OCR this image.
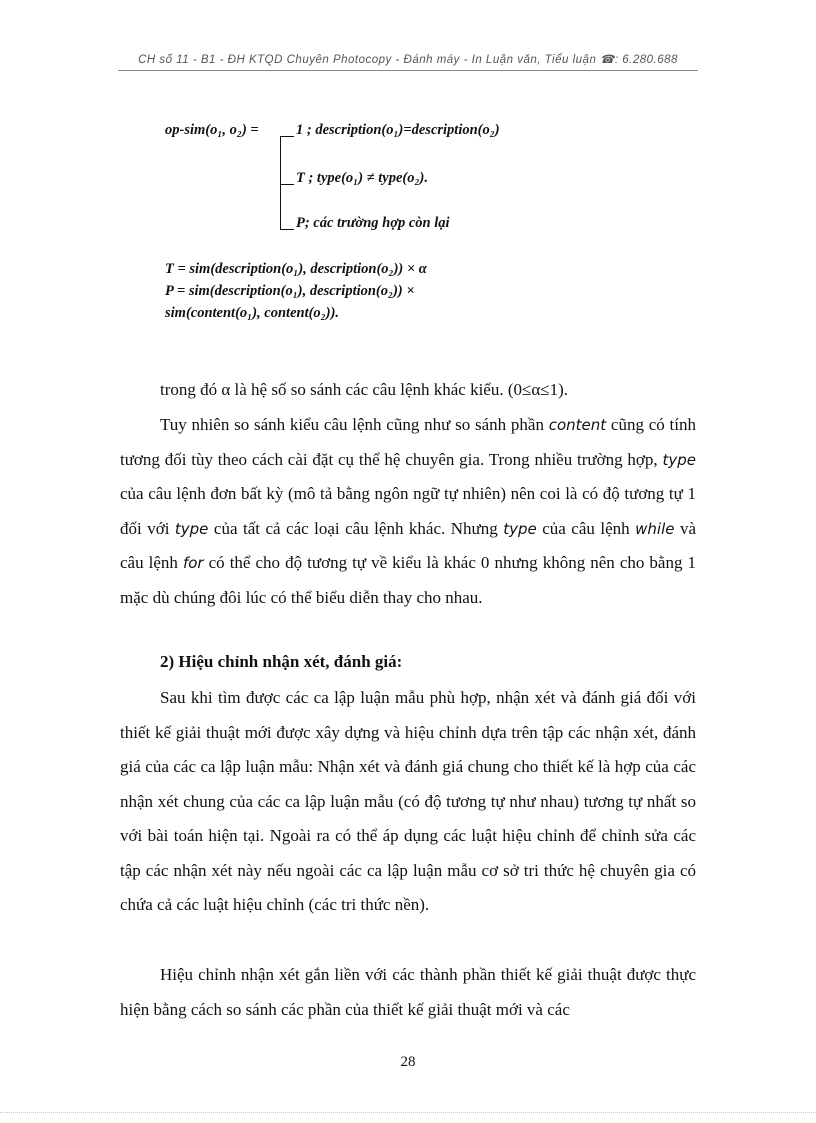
CH số 11 - B1 - ĐH KTQD Chuyên Photocopy - Đánh máy - In Luận văn, Tiểu luận ☎: 6.280.688
op-sim(o₁, o₂) =	1 ; description(o₁)=description(o₂)
T ; type(o₁) ≠ type(o₂).
P; các trường hợp còn lại
T = sim(description(o₁), description(o₂)) × α
P = sim(description(o₁), description(o₂)) ×
sim(content(o₁), content(o₂)).
trong đó α là hệ số so sánh các câu lệnh khác kiểu. (0≤α≤1).
Tuy nhiên so sánh kiểu câu lệnh cũng như so sánh phần content cũng có tính tương đối tùy theo cách cài đặt cụ thể hệ chuyên gia. Trong nhiều trường hợp, type của câu lệnh đơn bất kỳ (mô tả bằng ngôn ngữ tự nhiên) nên coi là có độ tương tự 1 đối với type của tất cả các loại câu lệnh khác. Nhưng type của câu lệnh while và câu lệnh for có thể cho độ tương tự về kiểu là khác 0 nhưng không nên cho bằng 1 mặc dù chúng đôi lúc có thể biểu diễn thay cho nhau.
2) Hiệu chỉnh nhận xét, đánh giá:
Sau khi tìm được các ca lập luận mẫu phù hợp, nhận xét và đánh giá đối với thiết kế giải thuật mới được xây dựng và hiệu chỉnh dựa trên tập các nhận xét, đánh giá của các ca lập luận mẫu: Nhận xét và đánh giá chung cho thiết kế là hợp của các nhận xét chung của các ca lập luận mẫu (có độ tương tự như nhau) tương tự nhất so với bài toán hiện tại. Ngoài ra có thể áp dụng các luật hiệu chỉnh để chỉnh sửa các tập các nhận xét này nếu ngoài các ca lập luận mẫu cơ sở tri thức hệ chuyên gia có chứa cả các luật hiệu chỉnh (các tri thức nền).
Hiệu chỉnh nhận xét gắn liền với các thành phần thiết kế giải thuật được thực hiện bằng cách so sánh các phần của thiết kế giải thuật mới và các
28
